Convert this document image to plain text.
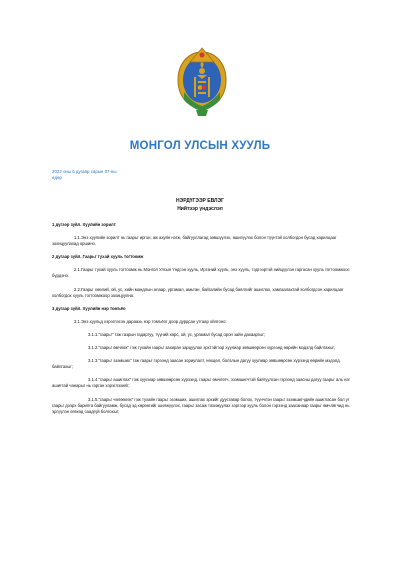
МОНГОЛ УЛСЫН ХУУЛЬ
2022 оны 6 дугаар сарын 07-ны
өдөр
НЭРДҮГЭЭР ЕВЛЭГ
Нийтээр үндэслэл

1 дүгээр зүйл. Хуулийн зорилт

1.1.Энэ хуулийн зорилт нь гаарьг иргэн, аж ахуйн нэгж, байгууллагад зөвшүүлэх, өшигүүлэх болон түүнтэй холбогдон бусад харилцааг зохицуулахад оршино.

2 дугаар зүйл. Гаарьг тухай хууль тогтоомж

2.1.Гаарьг тухай хууль тогтоомж нь Монгол Улсын Үндсэн хууль, Иргэний хууль, энэ хууль, тэдгээртэй нийцүүлэн гаргасан хууль тогтоомжоос бүрдэнэ.

2.2.Гаарьг хөөлий, ой, ус, хийн мандлын алаар, ургамал, амьтан, байгалийн бусад баялгийг ашиглах, хамгаалахтай холбогдсон харилцааг холбогдох хууль тогтоомжоор зохицуулна.

3 дугаар зүйл. Хуулийн нэр томъёо

3.1.Энэ хуульд хэрэглэсэн дараахь нэр томъёог доор дурдсан утгаар ойлгоно:

3.1.1."гаарьг" гэж газрын гадаргуу, түүний хөрс, ой, ус, ургамал бусад орон зайн дахааргыг;

3.1.2."гаарьг өмчлөх" гэж тухайн гаарьг захиран зарцуулах эрхтэйгээр хуулиар зөвшөөрсөн хүрээнд өөрийн мэдэлд байлгахыг;

3.1.3."гаарьг эзэмших" гэж гаарьг гэрээнд заасан зориулалт, нөхцөл, болзлын дагуу хуулиар зөвшөөрсөн хүрээнд өөрийн мэдэлд байлгахыг;

3.1.4."гаарьг ашиглах" гэж хуулиар зөвшөөрсөн хүрээнд, гаарьг өмчлөгч, эзэмшигчтэй байгуулсан гэрээнд заасны дагуу гаарьг аль нэг ашигтай чанарыг нь гарган хэрэглэхийг;

3.1.5."гаарьг чөлөөлөх" гэж тухайн гаарьг эзэмших, ашиглах эрхийг дуусгавар болох, түүнчлэн гаарьг эзэмшигчдийн ашигласан бол уг гаарьг дээрх барилга байгууламж, бусад эд хөрөнгийг шилжүүлэх, гаарьг засаж тохижуулах зэргээр хууль болон гэрээнд заасанаар гаарьг өмчлөгчид нь эргүүлэн өгөхөд саадгүй болгохыг;
